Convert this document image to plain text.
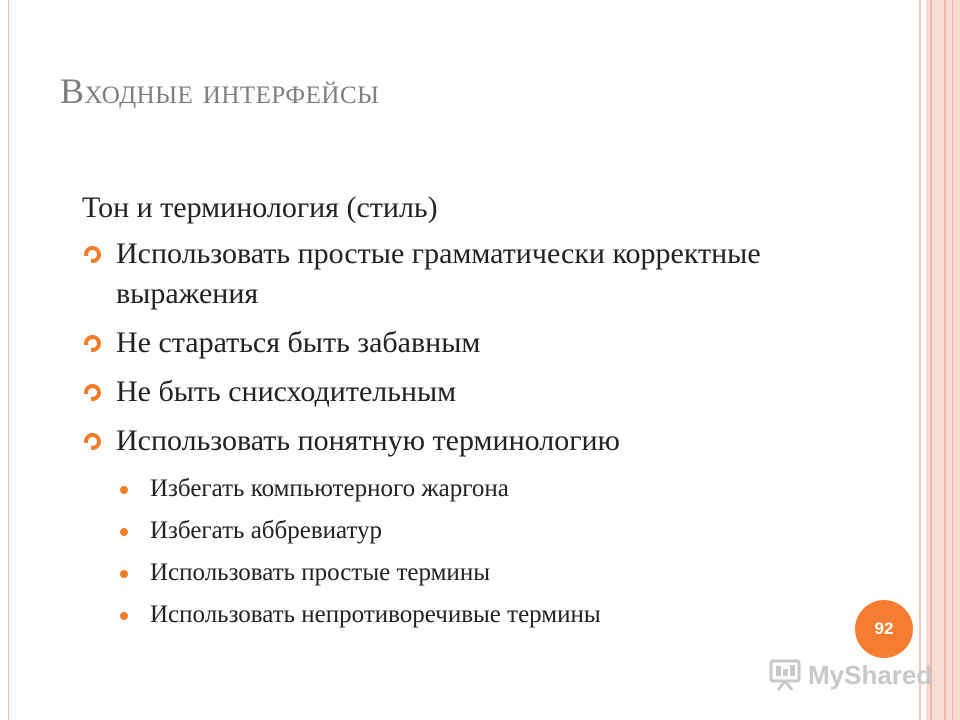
Входные интерфейсы

Тон и терминология (стиль)

Использовать простые грамматически корректные выражения
Не стараться быть забавным
Не быть снисходительным
Использовать понятную терминологию
Избегать компьютерного жаргона
Избегать аббревиатур
Использовать простые термины
Использовать непротиворечивые термины
92
MyShared
